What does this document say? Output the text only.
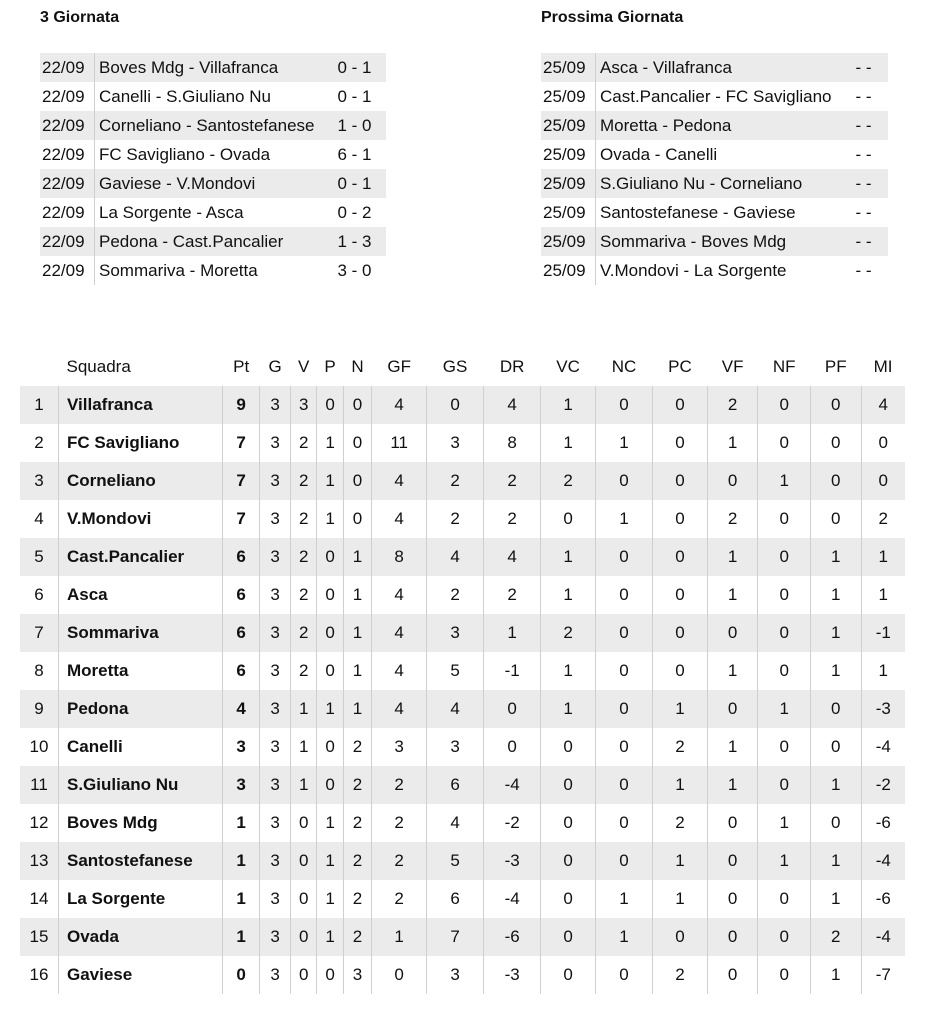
3 Giornata	Prossima Giornata
22/09	Boves Mdg - Villafranca	0 - 1
22/09	Canelli - S.Giuliano Nu	0 - 1
22/09	Corneliano - Santostefanese	1 - 0
22/09	FC Savigliano - Ovada	6 - 1
22/09	Gaviese - V.Mondovi	0 - 1
22/09	La Sorgente - Asca	0 - 2
22/09	Pedona - Cast.Pancalier	1 - 3
22/09	Sommariva - Moretta	3 - 0
25/09	Asca - Villafranca	- -
25/09	Cast.Pancalier - FC Savigliano	- -
25/09	Moretta - Pedona	- -
25/09	Ovada - Canelli	- -
25/09	S.Giuliano Nu - Corneliano	- -
25/09	Santostefanese - Gaviese	- -
25/09	Sommariva - Boves Mdg	- -
25/09	V.Mondovi - La Sorgente	- -
	Squadra	Pt	G	V	P	N	GF	GS	DR	VC	NC	PC	VF	NF	PF	MI
1	Villafranca	9	3	3	0	0	4	0	4	1	0	0	2	0	0	4
2	FC Savigliano	7	3	2	1	0	11	3	8	1	1	0	1	0	0	0
3	Corneliano	7	3	2	1	0	4	2	2	2	0	0	0	1	0	0
4	V.Mondovi	7	3	2	1	0	4	2	2	0	1	0	2	0	0	2
5	Cast.Pancalier	6	3	2	0	1	8	4	4	1	0	0	1	0	1	1
6	Asca	6	3	2	0	1	4	2	2	1	0	0	1	0	1	1
7	Sommariva	6	3	2	0	1	4	3	1	2	0	0	0	0	1	-1
8	Moretta	6	3	2	0	1	4	5	-1	1	0	0	1	0	1	1
9	Pedona	4	3	1	1	1	4	4	0	1	0	1	0	1	0	-3
10	Canelli	3	3	1	0	2	3	3	0	0	0	2	1	0	0	-4
11	S.Giuliano Nu	3	3	1	0	2	2	6	-4	0	0	1	1	0	1	-2
12	Boves Mdg	1	3	0	1	2	2	4	-2	0	0	2	0	1	0	-6
13	Santostefanese	1	3	0	1	2	2	5	-3	0	0	1	0	1	1	-4
14	La Sorgente	1	3	0	1	2	2	6	-4	0	1	1	0	0	1	-6
15	Ovada	1	3	0	1	2	1	7	-6	0	1	0	0	0	2	-4
16	Gaviese	0	3	0	0	3	0	3	-3	0	0	2	0	0	1	-7
